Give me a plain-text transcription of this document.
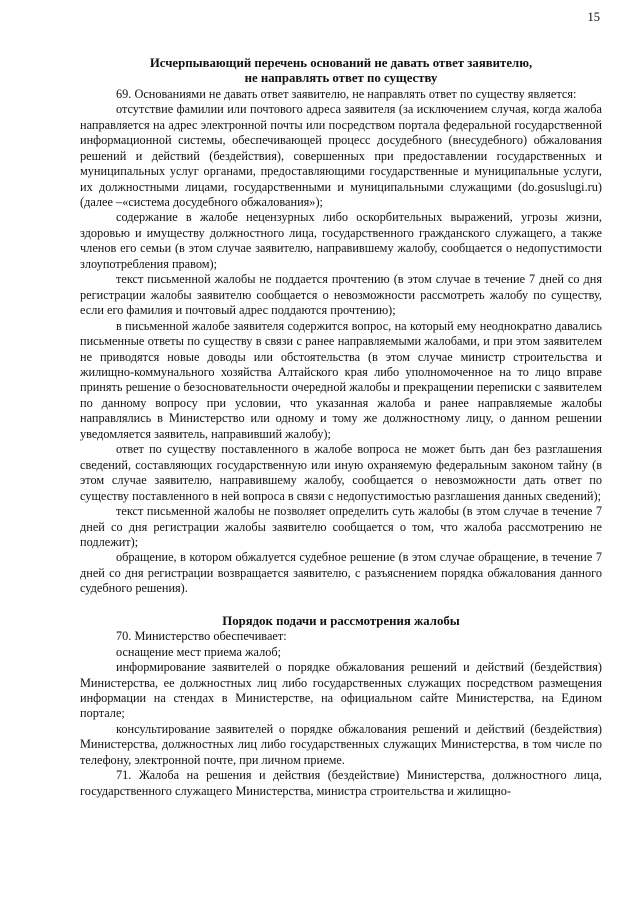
15
Исчерпывающий перечень оснований не давать ответ заявителю,
не направлять ответ по существу

69. Основаниями не давать ответ заявителю, не направлять ответ по существу является:

отсутствие фамилии или почтового адреса заявителя (за исключением случая, когда жалоба направляется на адрес электронной почты или посредством портала федеральной государственной информационной системы, обеспечивающей процесс досудебного (внесудебного) обжалования решений и действий (бездействия), совершенных при предоставлении государственных и муниципальных услуг органами, предоставляющими государственные и муниципальные услуги, их должностными лицами, государственными и муниципальными служащими (do.gosuslugi.ru) (далее –«система досудебного обжалования»);

содержание в жалобе нецензурных либо оскорбительных выражений, угрозы жизни, здоровью и имуществу должностного лица, государственного гражданского служащего, а также членов его семьи (в этом случае заявителю, направившему жалобу, сообщается о недопустимости злоупотребления правом);

текст письменной жалобы не поддается прочтению (в этом случае в течение 7 дней со дня регистрации жалобы заявителю сообщается о невозможности рассмотреть жалобу по существу, если его фамилия и почтовый адрес поддаются прочтению);

в письменной жалобе заявителя содержится вопрос, на который ему неоднократно давались письменные ответы по существу в связи с ранее направляемыми жалобами, и при этом заявителем не приводятся новые доводы или обстоятельства (в этом случае министр строительства и жилищно-коммунального хозяйства Алтайского края либо уполномоченное на то лицо вправе принять решение о безосновательности очередной жалобы и прекращении переписки с заявителем по данному вопросу при условии, что указанная жалоба и ранее направляемые жалобы направлялись в Министерство или одному и тому же должностному лицу, о данном решении уведомляется заявитель, направивший жалобу);

ответ по существу поставленного в жалобе вопроса не может быть дан без разглашения сведений, составляющих государственную или иную охраняемую федеральным законом тайну (в этом случае заявителю, направившему жалобу, сообщается о невозможности дать ответ по существу поставленного в ней вопроса в связи с недопустимостью разглашения данных сведений);

текст письменной жалобы не позволяет определить суть жалобы (в этом случае в течение 7 дней со дня регистрации жалобы заявителю сообщается о том, что жалоба рассмотрению не подлежит);

обращение, в котором обжалуется судебное решение (в этом случае обращение, в течение 7 дней со дня регистрации возвращается заявителю, с разъяснением порядка обжалования данного судебного решения).

Порядок подачи и рассмотрения жалобы

70. Министерство обеспечивает:

оснащение мест приема жалоб;

информирование заявителей о порядке обжалования решений и действий (бездействия) Министерства, ее должностных лиц либо государственных служащих посредством размещения информации на стендах в Министерстве, на официальном сайте Министерства, на Едином портале;

консультирование заявителей о порядке обжалования решений и действий (бездействия) Министерства, должностных лиц либо государственных служащих Министерства, в том числе по телефону, электронной почте, при личном приеме.

71. Жалоба на решения и действия (бездействие) Министерства, должностного лица, государственного служащего Министерства, министра строительства и жилищно-
